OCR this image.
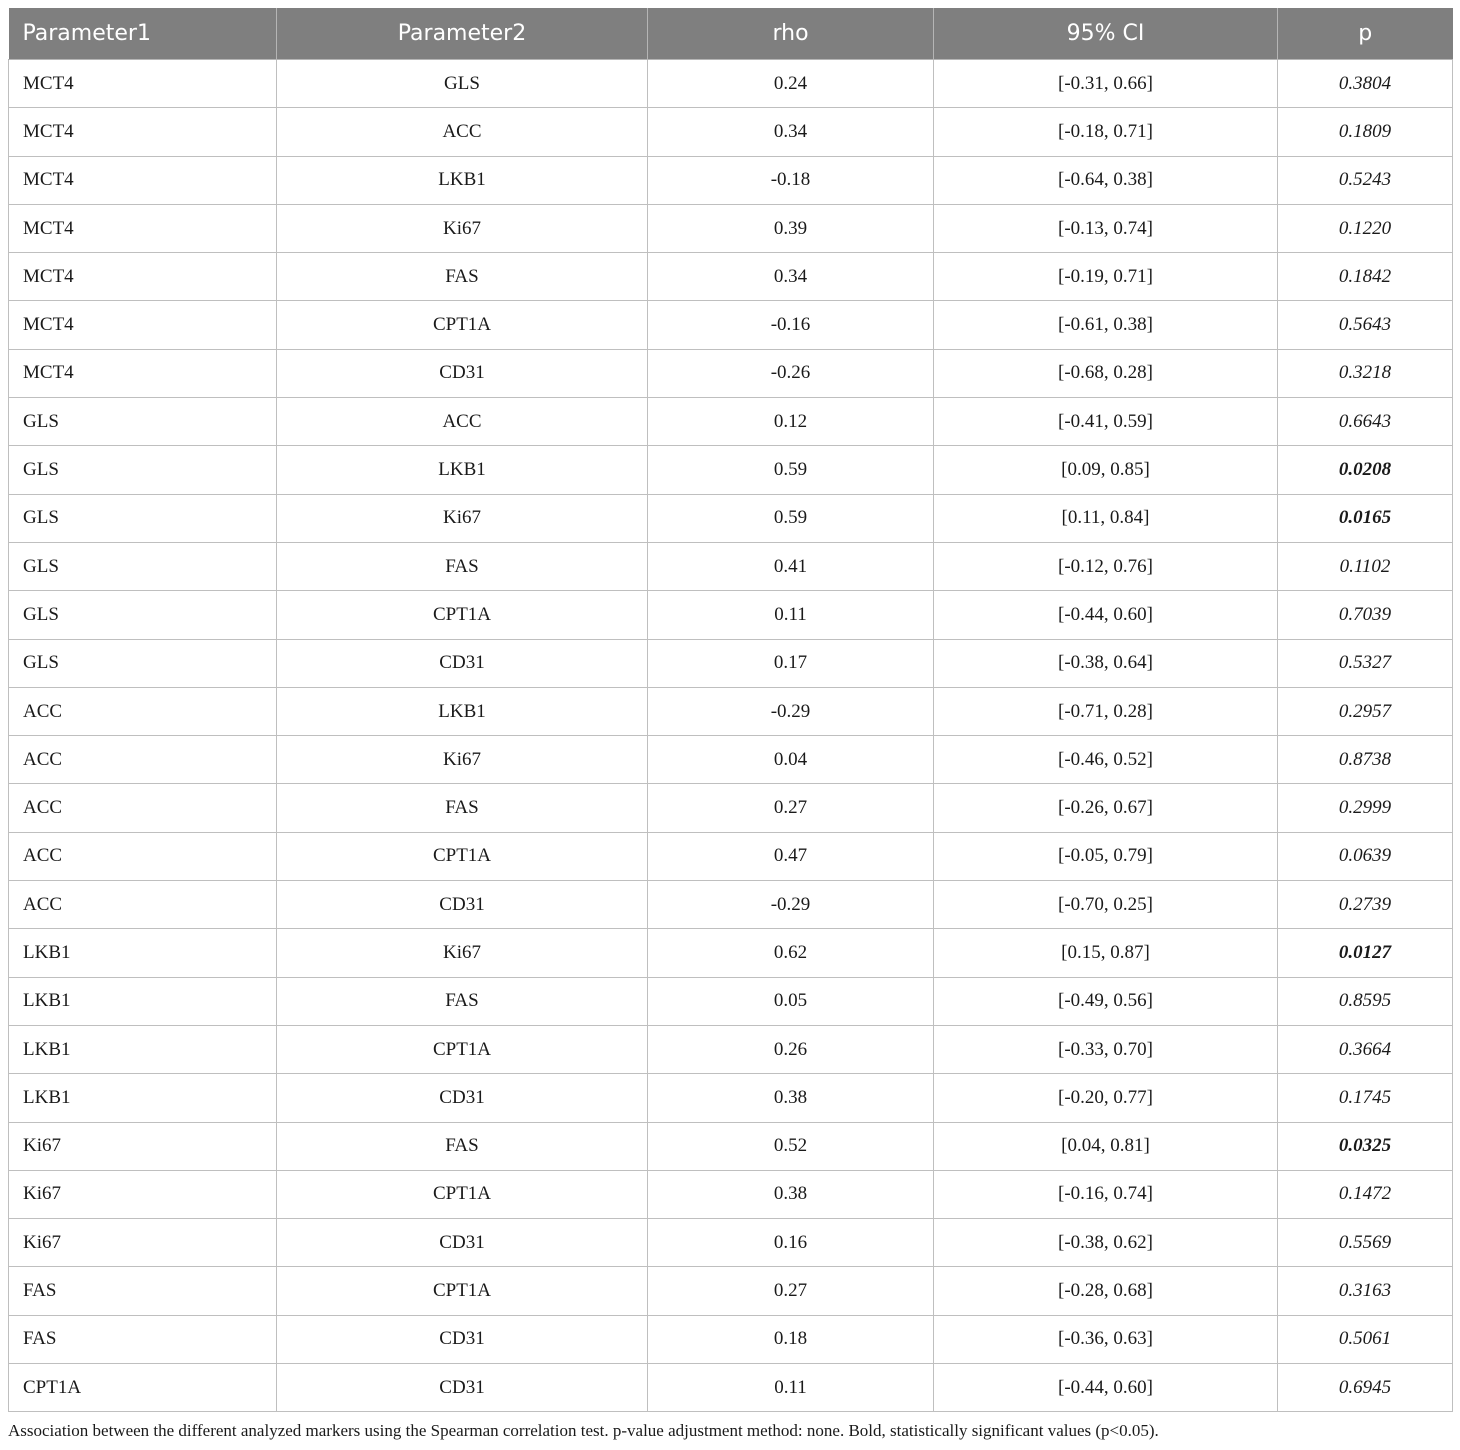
Parameter1	Parameter2	rho	95% CI	p
MCT4	GLS	0.24	[-0.31, 0.66]	0.3804
MCT4	ACC	0.34	[-0.18, 0.71]	0.1809
MCT4	LKB1	-0.18	[-0.64, 0.38]	0.5243
MCT4	Ki67	0.39	[-0.13, 0.74]	0.1220
MCT4	FAS	0.34	[-0.19, 0.71]	0.1842
MCT4	CPT1A	-0.16	[-0.61, 0.38]	0.5643
MCT4	CD31	-0.26	[-0.68, 0.28]	0.3218
GLS	ACC	0.12	[-0.41, 0.59]	0.6643
GLS	LKB1	0.59	[0.09, 0.85]	0.0208
GLS	Ki67	0.59	[0.11, 0.84]	0.0165
GLS	FAS	0.41	[-0.12, 0.76]	0.1102
GLS	CPT1A	0.11	[-0.44, 0.60]	0.7039
GLS	CD31	0.17	[-0.38, 0.64]	0.5327
ACC	LKB1	-0.29	[-0.71, 0.28]	0.2957
ACC	Ki67	0.04	[-0.46, 0.52]	0.8738
ACC	FAS	0.27	[-0.26, 0.67]	0.2999
ACC	CPT1A	0.47	[-0.05, 0.79]	0.0639
ACC	CD31	-0.29	[-0.70, 0.25]	0.2739
LKB1	Ki67	0.62	[0.15, 0.87]	0.0127
LKB1	FAS	0.05	[-0.49, 0.56]	0.8595
LKB1	CPT1A	0.26	[-0.33, 0.70]	0.3664
LKB1	CD31	0.38	[-0.20, 0.77]	0.1745
Ki67	FAS	0.52	[0.04, 0.81]	0.0325
Ki67	CPT1A	0.38	[-0.16, 0.74]	0.1472
Ki67	CD31	0.16	[-0.38, 0.62]	0.5569
FAS	CPT1A	0.27	[-0.28, 0.68]	0.3163
FAS	CD31	0.18	[-0.36, 0.63]	0.5061
CPT1A	CD31	0.11	[-0.44, 0.60]	0.6945
Association between the different analyzed markers using the Spearman correlation test. p-value adjustment method: none. Bold, statistically significant values (p<0.05).
